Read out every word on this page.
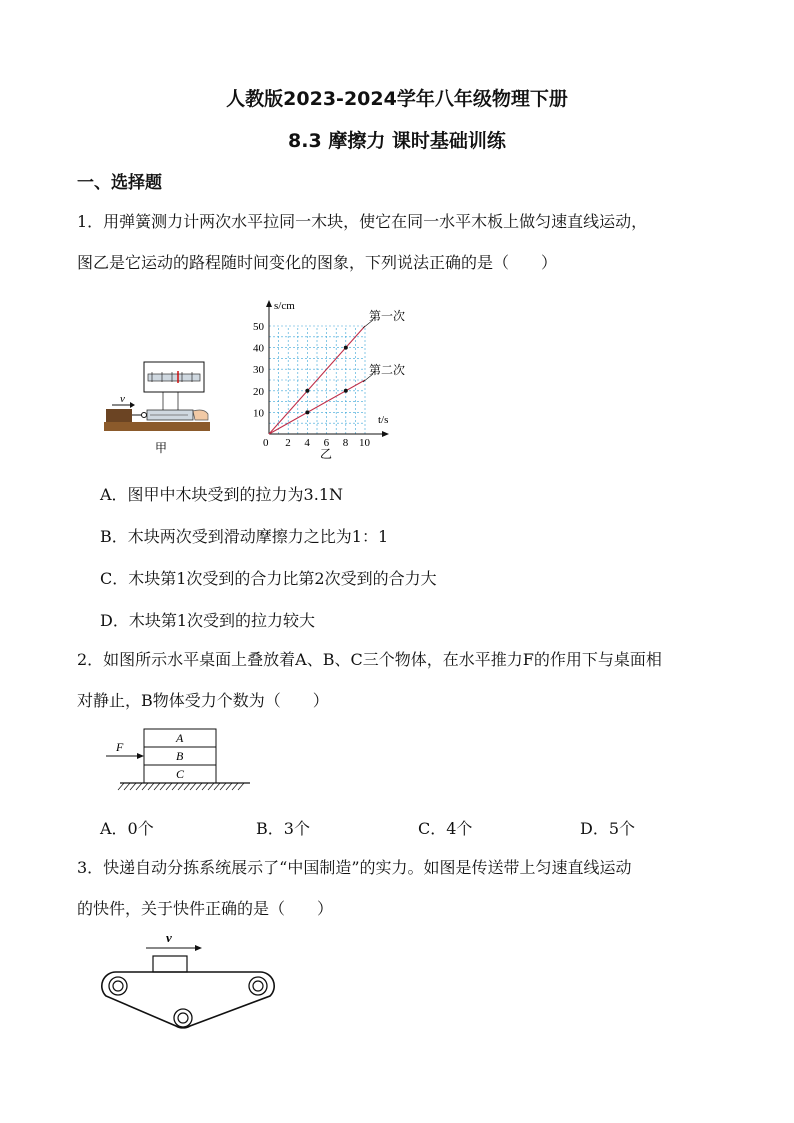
人教版2023-2024学年八年级物理下册
8.3 摩擦力 课时基础训练
一、选择题
1．用弹簧测力计两次水平拉同一木块，使它在同一水平木板上做匀速直线运动，
图乙是它运动的路程随时间变化的图象，下列说法正确的是（　　）
v
甲
s/cm
t/s
0 2 4 6 8 10
10
20
30
40
50
第一次
第二次
乙
A．图甲中木块受到的拉力为3.1N
B．木块两次受到滑动摩擦力之比为1：1
C．木块第1次受到的合力比第2次受到的合力大
D．木块第1次受到的拉力较大
2．如图所示水平桌面上叠放着A、B、C三个物体，在水平推力F的作用下与桌面相
对静止，B物体受力个数为（　　）
A
B
C
F
A．0个	B．3个	C．4个	D．5个
3．快递自动分拣系统展示了“中国制造”的实力。如图是传送带上匀速直线运动
的快件，关于快件正确的是（　　）
v
